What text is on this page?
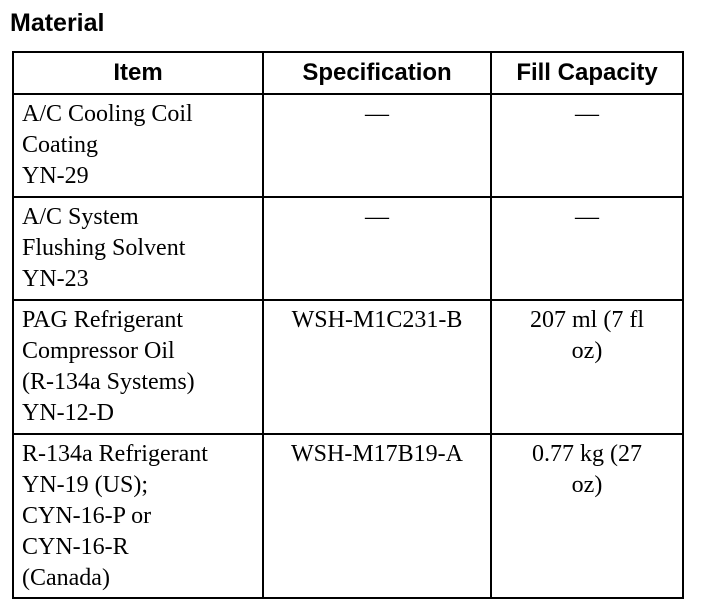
Material
Item	Specification	Fill Capacity

A/C Cooling Coil
Coating
YN-29	—	—

A/C System
Flushing Solvent
YN-23	—	—

PAG Refrigerant
Compressor Oil
(R-134a Systems)
YN-12-D	WSH-M1C231-B	207 ml (7 fl
oz)

R-134a Refrigerant
YN-19 (US);
CYN-16-P or
CYN-16-R
(Canada)	WSH-M17B19-A	0.77 kg (27
oz)
